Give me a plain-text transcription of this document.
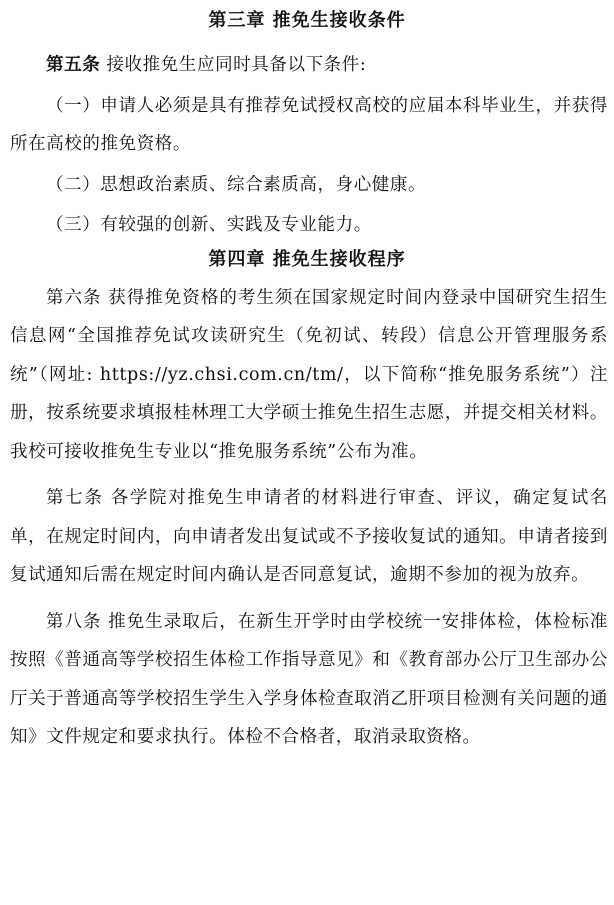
第三章 推免生接收条件

第五条 接收推免生应同时具备以下条件:

（一）申请人必须是具有推荐免试授权高校的应届本科毕业生，并获得所在高校的推免资格。

（二）思想政治素质、综合素质高，身心健康。

（三）有较强的创新、实践及专业能力。

第四章 推免生接收程序

第六条 获得推免资格的考生须在国家规定时间内登录中国研究生招生信息网“全国推荐免试攻读研究生（免初试、转段）信息公开管理服务系统”（网址: https://yz.chsi.com.cn/tm/，以下简称“推免服务系统”）注册，按系统要求填报桂林理工大学硕士推免生招生志愿，并提交相关材料。我校可接收推免生专业以“推免服务系统”公布为准。

第七条 各学院对推免生申请者的材料进行审查、评议，确定复试名单，在规定时间内，向申请者发出复试或不予接收复试的通知。申请者接到复试通知后需在规定时间内确认是否同意复试，逾期不参加的视为放弃。

第八条 推免生录取后，在新生开学时由学校统一安排体检，体检标准按照《普通高等学校招生体检工作指导意见》和《教育部办公厅卫生部办公厅关于普通高等学校招生学生入学身体检查取消乙肝项目检测有关问题的通知》文件规定和要求执行。体检不合格者，取消录取资格。
